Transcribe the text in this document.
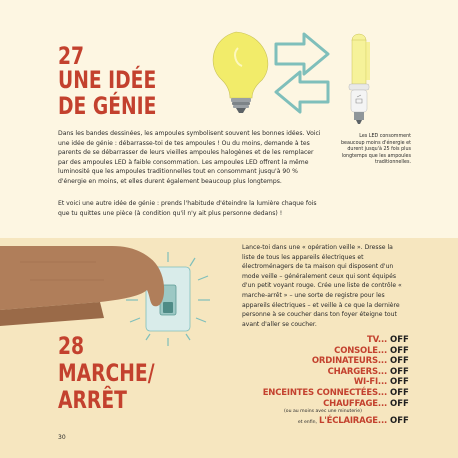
27
UNE IDÉE
DE GÉNIE

Dans les bandes dessinées, les ampoules symbolisent souvent les bonnes idées. Voici une idée de génie : débarrasse-toi de tes ampoules ! Ou du moins, demande à tes parents de se débarrasser de leurs vieilles ampoules halogènes et de les remplacer par des ampoules LED à faible consommation. Les ampoules LED offrent la même luminosité que les ampoules traditionnelles tout en consommant jusqu'à 90 % d'énergie en moins, et elles durent également beaucoup plus longtemps.

Et voici une autre idée de génie : prends l'habitude d'éteindre la lumière chaque fois que tu quittes une pièce (à condition qu'il n'y ait plus personne dedans) !

Les LED consomment beaucoup moins d'énergie et durent jusqu'à 25 fois plus longtemps que les ampoules traditionnelles.

Lance-toi dans une « opération veille ». Dresse la liste de tous les appareils électriques et électroménagers de ta maison qui disposent d'un mode veille – généralement ceux qui sont équipés d'un petit voyant rouge. Crée une liste de contrôle « marche-arrêt » – une sorte de registre pour les appareils électriques – et veille à ce que la dernière personne à se coucher dans ton foyer éteigne tout avant d'aller se coucher.

28
MARCHE/
ARRÊT
TV... OFF
CONSOLE... OFF
ORDINATEURS... OFF
CHARGERS... OFF
WI-FI... OFF
ENCEINTES CONNECTÉES... OFF
CHAUFFAGE... OFF
(ou au moins avec une minuterie)
et enfin, L'ÉCLAIRAGE... OFF
30
